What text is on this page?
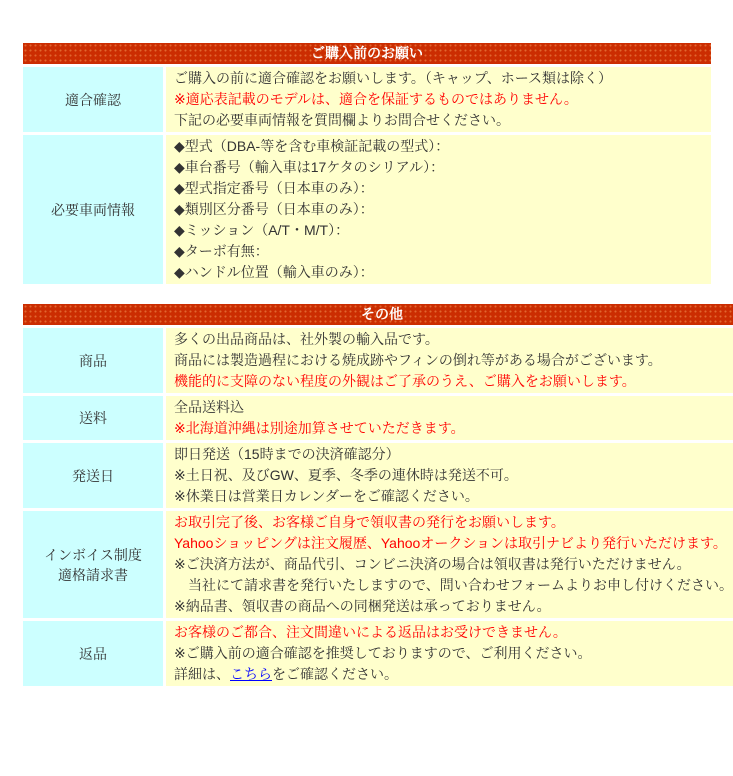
ご購入前のお願い
適合確認
ご購入の前に適合確認をお願いします。（キャップ、ホース類は除く）
※適応表記載のモデルは、適合を保証するものではありません。
下記の必要車両情報を質問欄よりお問合せください。
必要車両情報
◆型式（DBA-等を含む車検証記載の型式）：
◆車台番号（輸入車は17ケタのシリアル）：
◆型式指定番号（日本車のみ）：
◆類別区分番号（日本車のみ）：
◆ミッション（A/T・M/T）：
◆ターボ有無：
◆ハンドル位置（輸入車のみ）：
その他
商品
多くの出品商品は、社外製の輸入品です。
商品には製造過程における焼成跡やフィンの倒れ等がある場合がございます。
機能的に支障のない程度の外観はご了承のうえ、ご購入をお願いします。
送料
全品送料込
※北海道沖縄は別途加算させていただきます。
発送日
即日発送（15時までの決済確認分）
※土日祝、及びGW、夏季、冬季の連休時は発送不可。
※休業日は営業日カレンダーをご確認ください。
インボイス制度
適格請求書
お取引完了後、お客様ご自身で領収書の発行をお願いします。
Yahooショッピングは注文履歴、Yahooオークションは取引ナビより発行いただけます。
※ご決済方法が、商品代引、コンビニ決済の場合は領収書は発行いただけません。
　当社にて請求書を発行いたしますので、問い合わせフォームよりお申し付けください。
※納品書、領収書の商品への同梱発送は承っておりません。
返品
お客様のご都合、注文間違いによる返品はお受けできません。
※ご購入前の適合確認を推奨しておりますので、ご利用ください。
詳細は、こちらをご確認ください。
